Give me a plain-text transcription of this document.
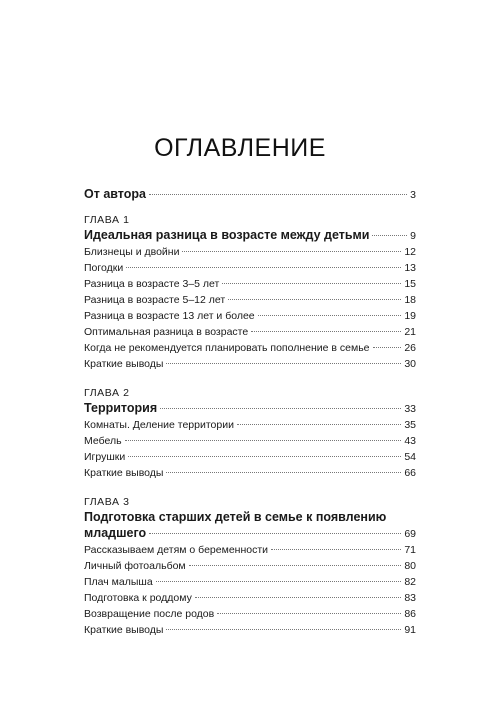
ОГЛАВЛЕНИЕ
От автора	3
ГЛАВА 1
Идеальная разница в возрасте между детьми	9
Близнецы и двойни	12
Погодки	13
Разница в возрасте 3–5 лет	15
Разница в возрасте 5–12 лет	18
Разница в возрасте 13 лет и более	19
Оптимальная разница в возрасте	21
Когда не рекомендуется планировать пополнение в семье	26
Краткие выводы	30
ГЛАВА 2
Территория	33
Комнаты. Деление территории	35
Мебель	43
Игрушки	54
Краткие выводы	66
ГЛАВА 3
Подготовка старших детей в семье к появлению
младшего	69
Рассказываем детям о беременности	71
Личный фотоальбом	80
Плач малыша	82
Подготовка к роддому	83
Возвращение после родов	86
Краткие выводы	91
